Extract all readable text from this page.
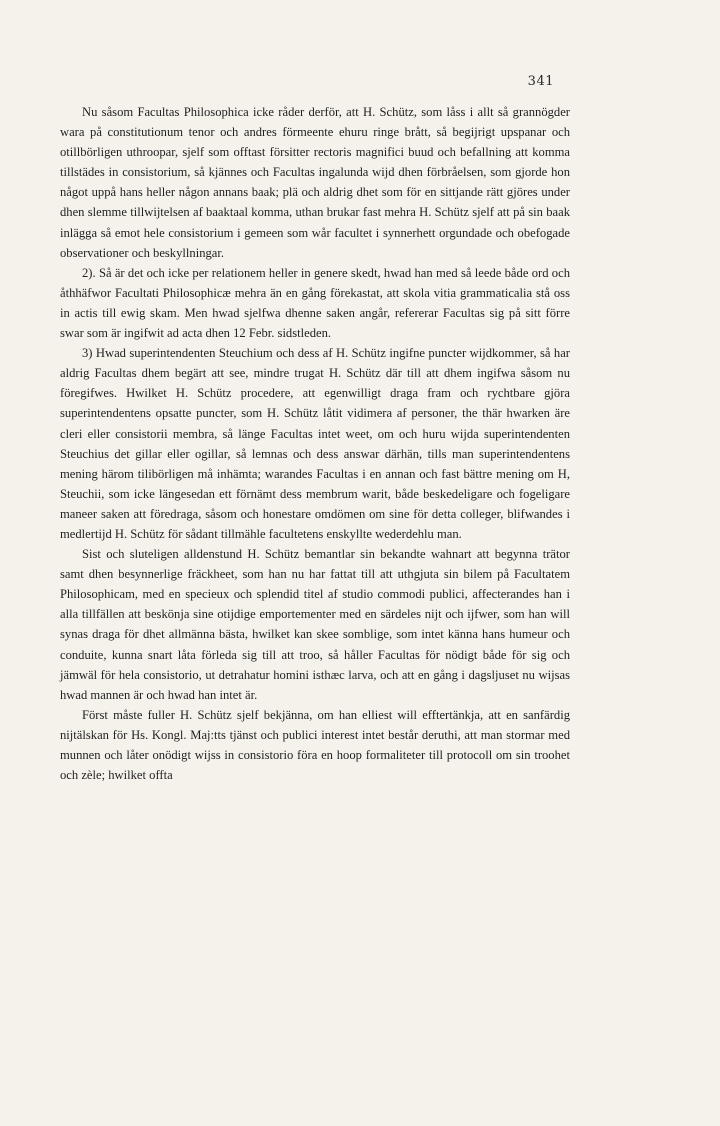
341

Nu såsom Facultas Philosophica icke råder derför, att H. Schütz, som låss i allt så grannögder wara på constitutionum tenor och andres förmeente ehuru ringe brått, så begijrigt upspanar och otillbörligen uthroopar, sjelf som offtast försitter rectoris magnifici buud och befallning att komma tillstädes in consistorium, så kjännes och Facultas ingalunda wijd dhen förbråelsen, som gjorde hon något uppå hans heller någon annans baak; plä och aldrig dhet som för en sittjande rätt gjöres under dhen slemme tillwijtelsen af baaktaal komma, uthan brukar fast mehra H. Schütz sjelf att på sin baak inlägga så emot hele consistorium i gemeen som wår facultet i synnerhett orgundade och obefogade observationer och beskyllningar.

2). Så är det och icke per relationem heller in genere skedt, hwad han med så leede både ord och åthhäfwor Facultati Philosophicæ mehra än en gång förekastat, att skola vitia grammaticalia stå oss in actis till ewig skam. Men hwad sjelfwa dhenne saken angår, refererar Facultas sig på sitt förre swar som är ingifwit ad acta dhen 12 Febr. sidstleden.

3) Hwad superintendenten Steuchium och dess af H. Schütz ingifne puncter wijdkommer, så har aldrig Facultas dhem begärt att see, mindre trugat H. Schütz där till att dhem ingifwa såsom nu föregifwes. Hwilket H. Schütz procedere, att egenwilligt draga fram och rychtbare gjöra superintendentens opsatte puncter, som H. Schütz låtit vidimera af personer, the thär hwarken äre cleri eller consistorii membra, så länge Facultas intet weet, om och huru wijda superintendenten Steuchius det gillar eller ogillar, så lemnas och dess answar därhän, tills man superintendentens mening härom tilibörligen må inhämta; warandes Facultas i en annan och fast bättre mening om H, Steuchii, som icke längesedan ett förnämt dess membrum warit, både beskedeligare och fogeligare maneer saken att föredraga, såsom och honestare omdömen om sine för detta colleger, blifwandes i medlertijd H. Schütz för sådant tillmähle facultetens enskyllte wederdehlu man.

Sist och sluteligen alldenstund H. Schütz bemantlar sin bekandte wahnart att begynna trätor samt dhen besynnerlige fräckheet, som han nu har fattat till att uthgjuta sin bilem på Facultatem Philosophicam, med en specieux och splendid titel af studio commodi publici, affecterandes han i alla tillfällen att beskönja sine otijdige emportementer med en särdeles nijt och ijfwer, som han will synas draga för dhet allmänna bästa, hwilket kan skee somblige, som intet känna hans humeur och conduite, kunna snart låta förleda sig till att troo, så håller Facultas för nödigt både för sig och jämwäl för hela consistorio, ut detrahatur homini isthæc larva, och att en gång i dagsljuset nu wijsas hwad mannen är och hwad han intet är.

Först måste fuller H. Schütz sjelf bekjänna, om han elliest will efftertänkja, att en sanfärdig nijtälskan för Hs. Kongl. Maj:tts tjänst och publici interest intet består deruthi, att man stormar med munnen och låter onödigt wijss in consistorio föra en hoop formaliteter till protocoll om sin troohet och zèle; hwilket offta
